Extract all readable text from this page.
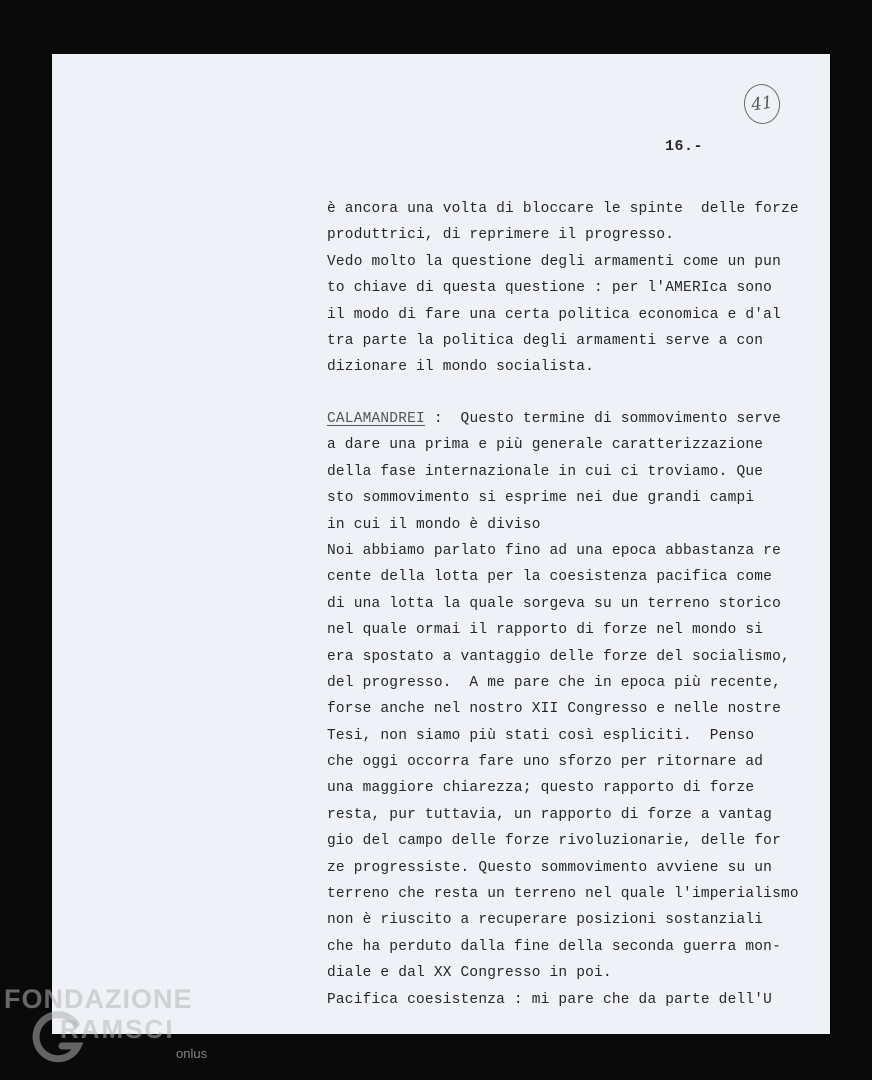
41
16.-
è ancora una volta di bloccare le spinte  delle forze
produttrici, di reprimere il progresso.
Vedo molto la questione degli armamenti come un pun
to chiave di questa questione : per l'AMERIca sono
il modo di fare una certa politica economica e d'al
tra parte la politica degli armamenti serve a con
dizionare il mondo socialista.
CALAMANDREI :  Questo termine di sommovimento serve
a dare una prima e più generale caratterizzazione
della fase internazionale in cui ci troviamo. Que
sto sommovimento si esprime nei due grandi campi
in cui il mondo è diviso
Noi abbiamo parlato fino ad una epoca abbastanza re
cente della lotta per la coesistenza pacifica come
di una lotta la quale sorgeva su un terreno storico
nel quale ormai il rapporto di forze nel mondo si
era spostato a vantaggio delle forze del socialismo,
del progresso.  A me pare che in epoca più recente,
forse anche nel nostro XII Congresso e nelle nostre
Tesi, non siamo più stati così espliciti.  Penso
che oggi occorra fare uno sforzo per ritornare ad
una maggiore chiarezza; questo rapporto di forze
resta, pur tuttavia, un rapporto di forze a vantag
gio del campo delle forze rivoluzionarie, delle for
ze progressiste. Questo sommovimento avviene su un
terreno che resta un terreno nel quale l'imperialismo
non è riuscito a recuperare posizioni sostanziali
che ha perduto dalla fine della seconda guerra mon-
diale e dal XX Congresso in poi.
Pacifica coesistenza : mi pare che da parte dell'U
FONDAZIONE
RAMSCI
onlus
